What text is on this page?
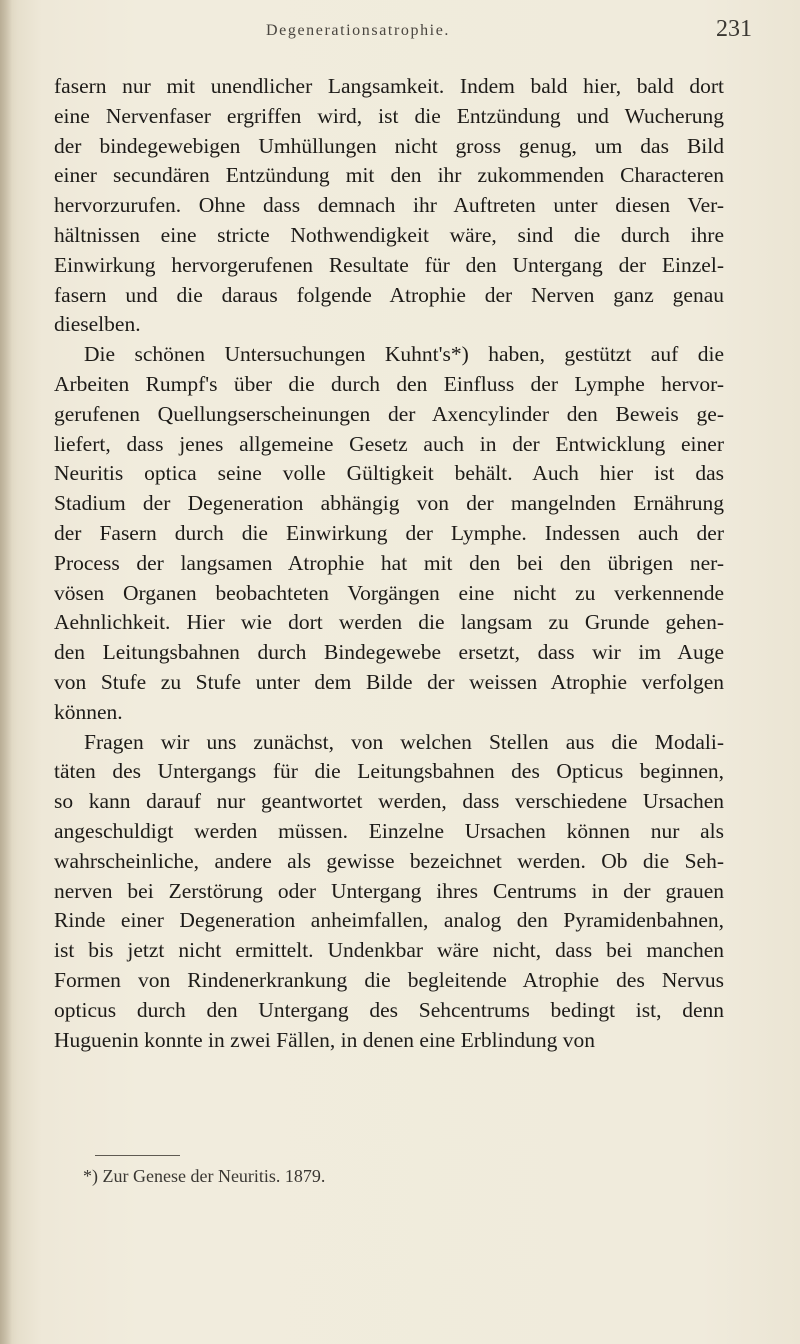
Degenerationsatrophie.	231
fasern nur mit unendlicher Langsamkeit. Indem bald hier, bald dort
eine Nervenfaser ergriffen wird, ist die Entzündung und Wucherung
der bindegewebigen Umhüllungen nicht gross genug, um das Bild
einer secundären Entzündung mit den ihr zukommenden Characteren
hervorzurufen. Ohne dass demnach ihr Auftreten unter diesen Ver-
hältnissen eine stricte Nothwendigkeit wäre, sind die durch ihre
Einwirkung hervorgerufenen Resultate für den Untergang der Einzel-
fasern und die daraus folgende Atrophie der Nerven ganz genau
dieselben.
Die schönen Untersuchungen Kuhnt's*) haben, gestützt auf die
Arbeiten Rumpf's über die durch den Einfluss der Lymphe hervor-
gerufenen Quellungserscheinungen der Axencylinder den Beweis ge-
liefert, dass jenes allgemeine Gesetz auch in der Entwicklung einer
Neuritis optica seine volle Gültigkeit behält. Auch hier ist das
Stadium der Degeneration abhängig von der mangelnden Ernährung
der Fasern durch die Einwirkung der Lymphe. Indessen auch der
Process der langsamen Atrophie hat mit den bei den übrigen ner-
vösen Organen beobachteten Vorgängen eine nicht zu verkennende
Aehnlichkeit. Hier wie dort werden die langsam zu Grunde gehen-
den Leitungsbahnen durch Bindegewebe ersetzt, dass wir im Auge
von Stufe zu Stufe unter dem Bilde der weissen Atrophie verfolgen
können.
Fragen wir uns zunächst, von welchen Stellen aus die Modali-
täten des Untergangs für die Leitungsbahnen des Opticus beginnen,
so kann darauf nur geantwortet werden, dass verschiedene Ursachen
angeschuldigt werden müssen. Einzelne Ursachen können nur als
wahrscheinliche, andere als gewisse bezeichnet werden. Ob die Seh-
nerven bei Zerstörung oder Untergang ihres Centrums in der grauen
Rinde einer Degeneration anheimfallen, analog den Pyramidenbahnen,
ist bis jetzt nicht ermittelt. Undenkbar wäre nicht, dass bei manchen
Formen von Rindenerkrankung die begleitende Atrophie des Nervus
opticus durch den Untergang des Sehcentrums bedingt ist, denn
Huguenin konnte in zwei Fällen, in denen eine Erblindung von
*) Zur Genese der Neuritis. 1879.
